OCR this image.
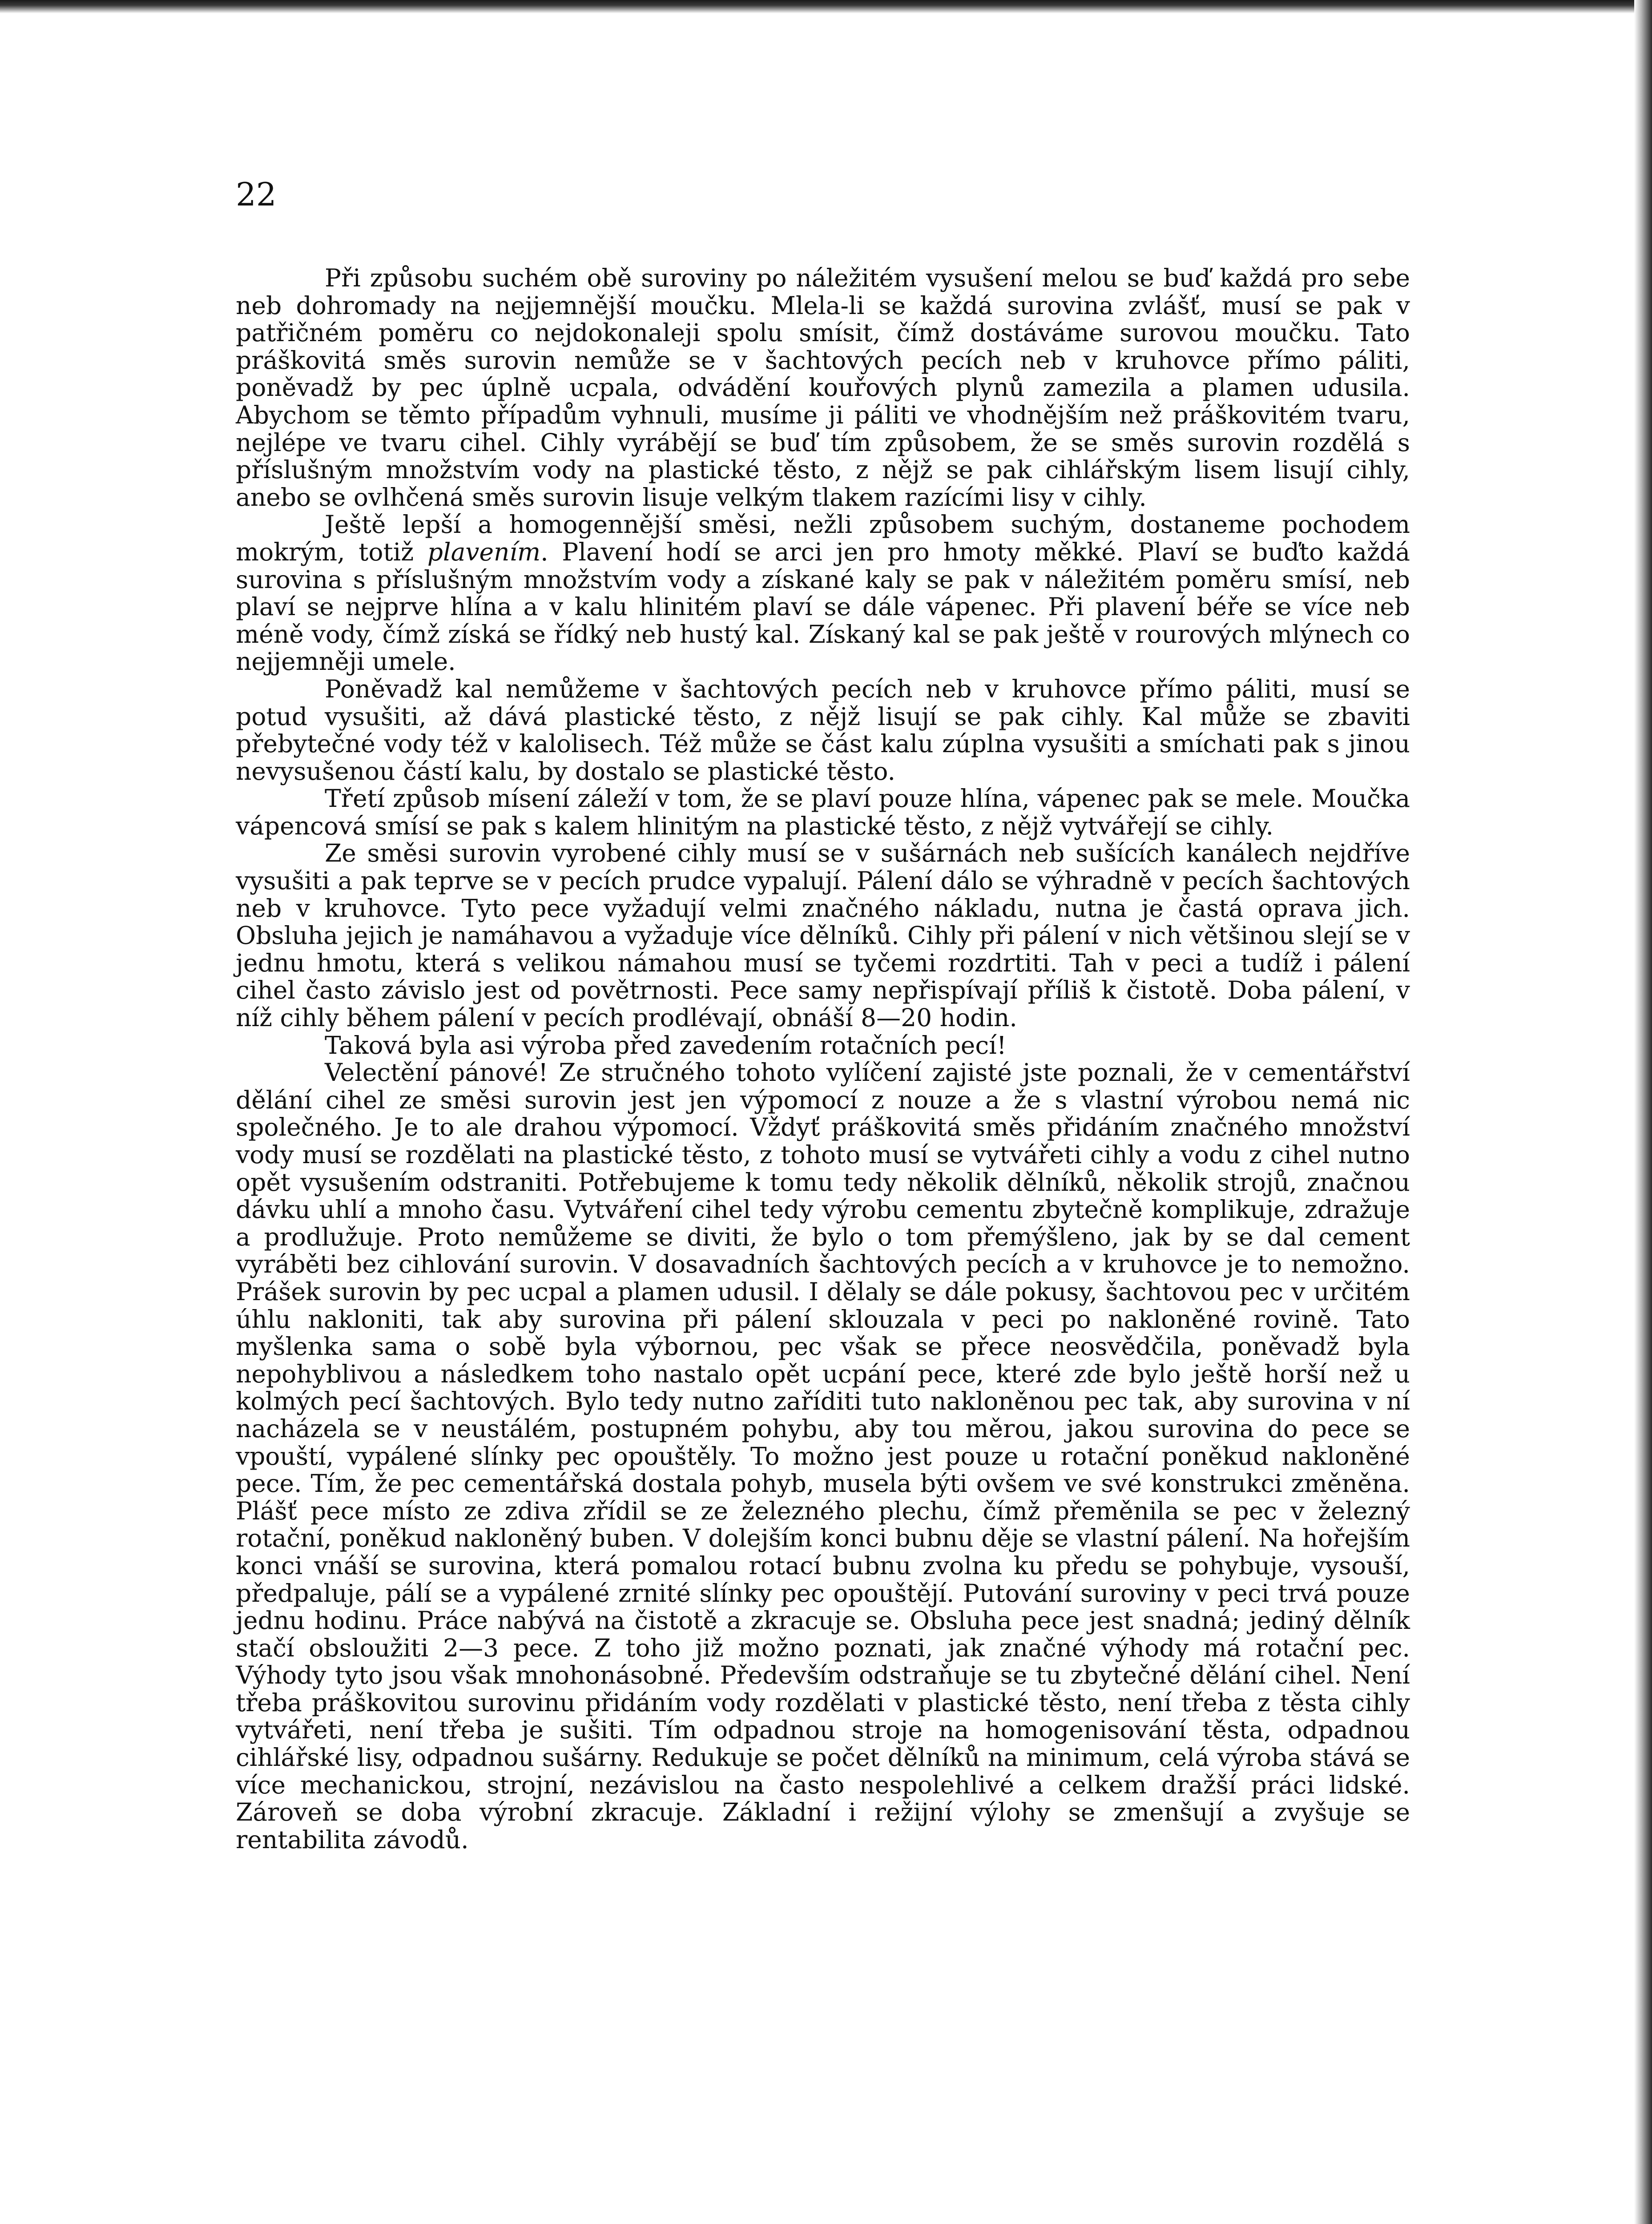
22

Při způsobu suchém obě suroviny po náležitém vysušení melou se buď každá pro sebe neb dohromady na nejjemnější moučku. Mlela-li se každá surovina zvlášť, musí se pak v patřičném poměru co nejdokonaleji spolu smísit, čímž dostáváme surovou moučku. Tato práškovitá směs surovin nemůže se v šachtových pecích neb v kruhovce přímo páliti, poněvadž by pec úplně ucpala, odvádění kouřových plynů zamezila a plamen udusila. Abychom se těmto případům vyhnuli, musíme ji páliti ve vhodnějším než práškovitém tvaru, nejlépe ve tvaru cihel. Cihly vyrábějí se buď tím způsobem, že se směs surovin rozdělá s příslušným množstvím vody na plastické těsto, z nějž se pak cihlářským lisem lisují cihly, anebo se ovlhčená směs surovin lisuje velkým tlakem razícími lisy v cihly.

Ještě lepší a homogennější směsi, nežli způsobem suchým, dostaneme pochodem mokrým, totiž plavením. Plavení hodí se arci jen pro hmoty měkké. Plaví se buďto každá surovina s příslušným množstvím vody a získané kaly se pak v náležitém poměru smísí, neb plaví se nejprve hlína a v kalu hlinitém plaví se dále vápenec. Při plavení béře se více neb méně vody, čímž získá se řídký neb hustý kal. Získaný kal se pak ještě v rourových mlýnech co nejjemněji umele.

Poněvadž kal nemůžeme v šachtových pecích neb v kruhovce přímo páliti, musí se potud vysušiti, až dává plastické těsto, z nějž lisují se pak cihly. Kal může se zbaviti přebytečné vody též v kalolisech. Též může se část kalu zúplna vysušiti a smíchati pak s jinou nevysušenou částí kalu, by dostalo se plastické těsto.

Třetí způsob mísení záleží v tom, že se plaví pouze hlína, vápenec pak se mele. Moučka vápencová smísí se pak s kalem hlinitým na plastické těsto, z nějž vytvářejí se cihly.

Ze směsi surovin vyrobené cihly musí se v sušárnách neb sušících kanálech nejdříve vysušiti a pak teprve se v pecích prudce vypalují. Pálení dálo se výhradně v pecích šachtových neb v kruhovce. Tyto pece vyžadují velmi značného nákladu, nutna je častá oprava jich. Obsluha jejich je namáhavou a vyžaduje více dělníků. Cihly při pálení v nich většinou slejí se v jednu hmotu, která s velikou námahou musí se tyčemi rozdrtiti. Tah v peci a tudíž i pálení cihel často závislo jest od povětrnosti. Pece samy nepřispívají příliš k čistotě. Doba pálení, v níž cihly během pálení v pecích prodlévají, obnáší 8—20 hodin.

Taková byla asi výroba před zavedením rotačních pecí!

Velectění pánové! Ze stručného tohoto vylíčení zajisté jste poznali, že v cementářství dělání cihel ze směsi surovin jest jen výpomocí z nouze a že s vlastní výrobou nemá nic společného. Je to ale drahou výpomocí. Vždyť práškovitá směs přidáním značného množství vody musí se rozdělati na plastické těsto, z tohoto musí se vytvářeti cihly a vodu z cihel nutno opět vysušením odstraniti. Potřebujeme k tomu tedy několik dělníků, několik strojů, značnou dávku uhlí a mnoho času. Vytváření cihel tedy výrobu cementu zbytečně komplikuje, zdražuje a prodlužuje. Proto nemůžeme se diviti, že bylo o tom přemýšleno, jak by se dal cement vyráběti bez cihlování surovin. V dosavadních šachtových pecích a v kruhovce je to nemožno. Prášek surovin by pec ucpal a plamen udusil. I dělaly se dále pokusy, šachtovou pec v určitém úhlu nakloniti, tak aby surovina při pálení sklouzala v peci po nakloněné rovině. Tato myšlenka sama o sobě byla výbornou, pec však se přece neosvědčila, poněvadž byla nepohyblivou a následkem toho nastalo opět ucpání pece, které zde bylo ještě horší než u kolmých pecí šachtových. Bylo tedy nutno zaříditi tuto nakloněnou pec tak, aby surovina v ní nacházela se v neustálém, postupném pohybu, aby tou měrou, jakou surovina do pece se vpouští, vypálené slínky pec opouštěly. To možno jest pouze u rotační poněkud nakloněné pece. Tím, že pec cementářská dostala pohyb, musela býti ovšem ve své konstrukci změněna. Plášť pece místo ze zdiva zřídil se ze železného plechu, čímž přeměnila se pec v železný rotační, poněkud nakloněný buben. V dolejším konci bubnu děje se vlastní pálení. Na hořejším konci vnáší se surovina, která pomalou rotací bubnu zvolna ku předu se pohybuje, vysouší, předpaluje, pálí se a vypálené zrnité slínky pec opouštějí. Putování suroviny v peci trvá pouze jednu hodinu. Práce nabývá na čistotě a zkracuje se. Obsluha pece jest snadná; jediný dělník stačí obsloužiti 2—3 pece. Z toho již možno poznati, jak značné výhody má rotační pec. Výhody tyto jsou však mnohonásobné. Především odstraňuje se tu zbytečné dělání cihel. Není třeba práškovitou surovinu přidáním vody rozdělati v plastické těsto, není třeba z těsta cihly vytvářeti, není třeba je sušiti. Tím odpadnou stroje na homogenisování těsta, odpadnou cihlářské lisy, odpadnou sušárny. Redukuje se počet dělníků na minimum, celá výroba stává se více mechanickou, strojní, nezávislou na často nespolehlivé a celkem dražší práci lidské. Zároveň se doba výrobní zkracuje. Základní i režijní výlohy se zmenšují a zvyšuje se rentabilita závodů.
